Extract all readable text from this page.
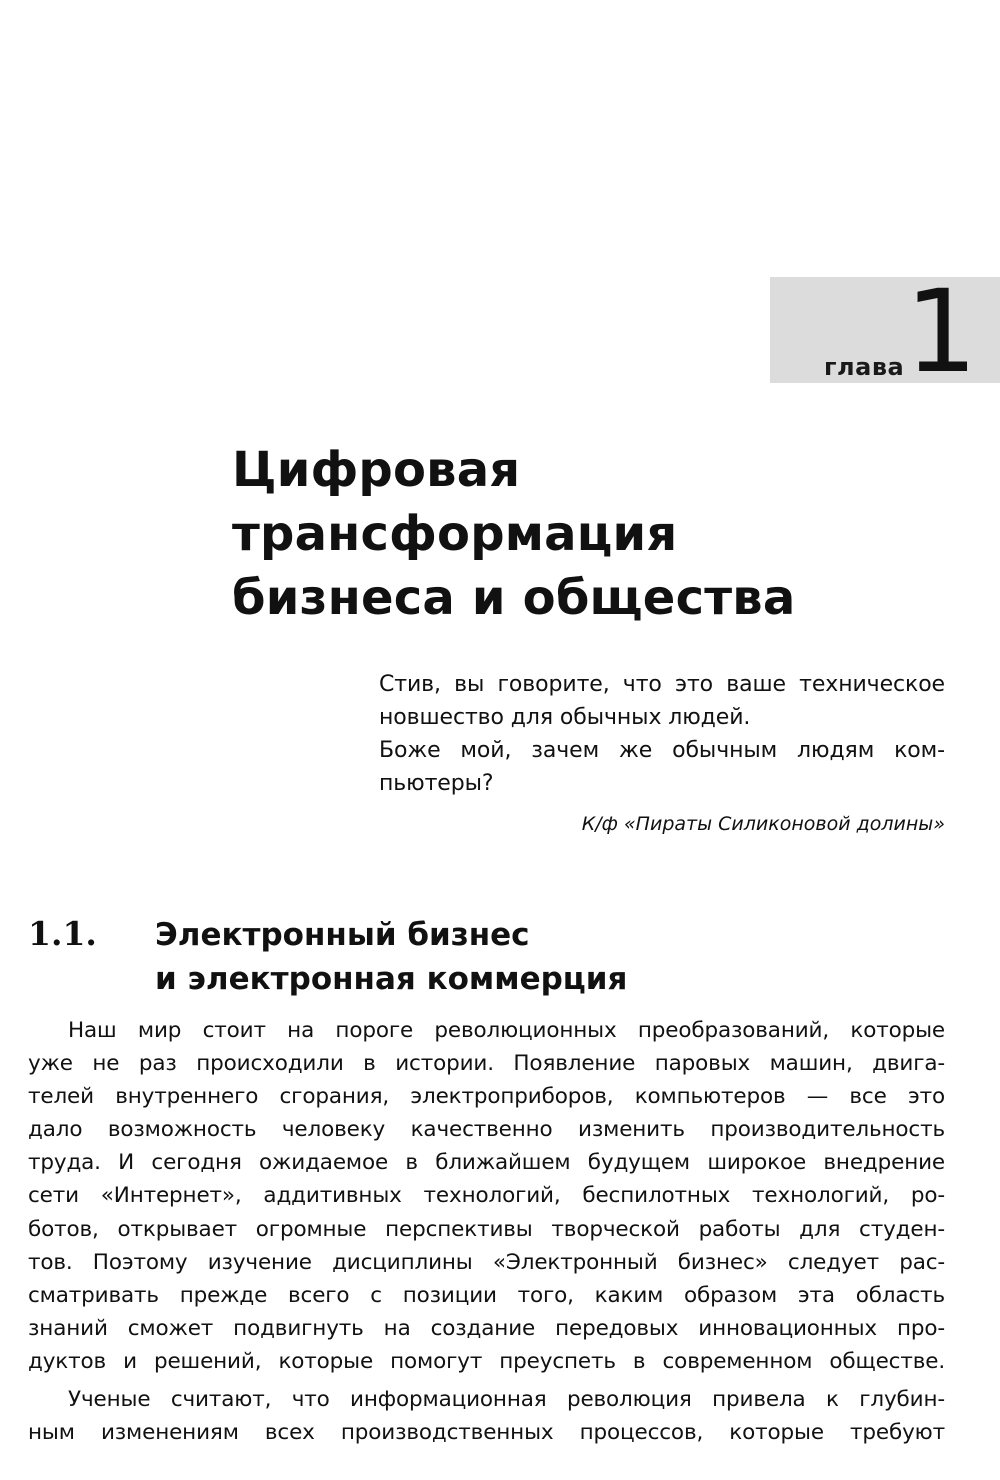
глава 1
Цифровая
трансформация
бизнеса и общества
Стив, вы говорите, что это ваше техническое
новшество для обычных людей.
Боже мой, зачем же обычным людям ком-
пьютеры?
К/ф «Пираты Силиконовой долины»
1.1. Электронный бизнес
и электронная коммерция
Наш мир стоит на пороге революционных преобразований, которые
уже не раз происходили в истории. Появление паровых машин, двига-
телей внутреннего сгорания, электроприборов, компьютеров — все это
дало возможность человеку качественно изменить производительность
труда. И сегодня ожидаемое в ближайшем будущем широкое внедрение
сети «Интернет», аддитивных технологий, беспилотных технологий, ро-
ботов, открывает огромные перспективы творческой работы для студен-
тов. Поэтому изучение дисциплины «Электронный бизнес» следует рас-
сматривать прежде всего с позиции того, каким образом эта область
знаний сможет подвигнуть на создание передовых инновационных про-
дуктов и решений, которые помогут преуспеть в современном обществе.
Ученые считают, что информационная революция привела к глубин-
ным изменениям всех производственных процессов, которые требуют
